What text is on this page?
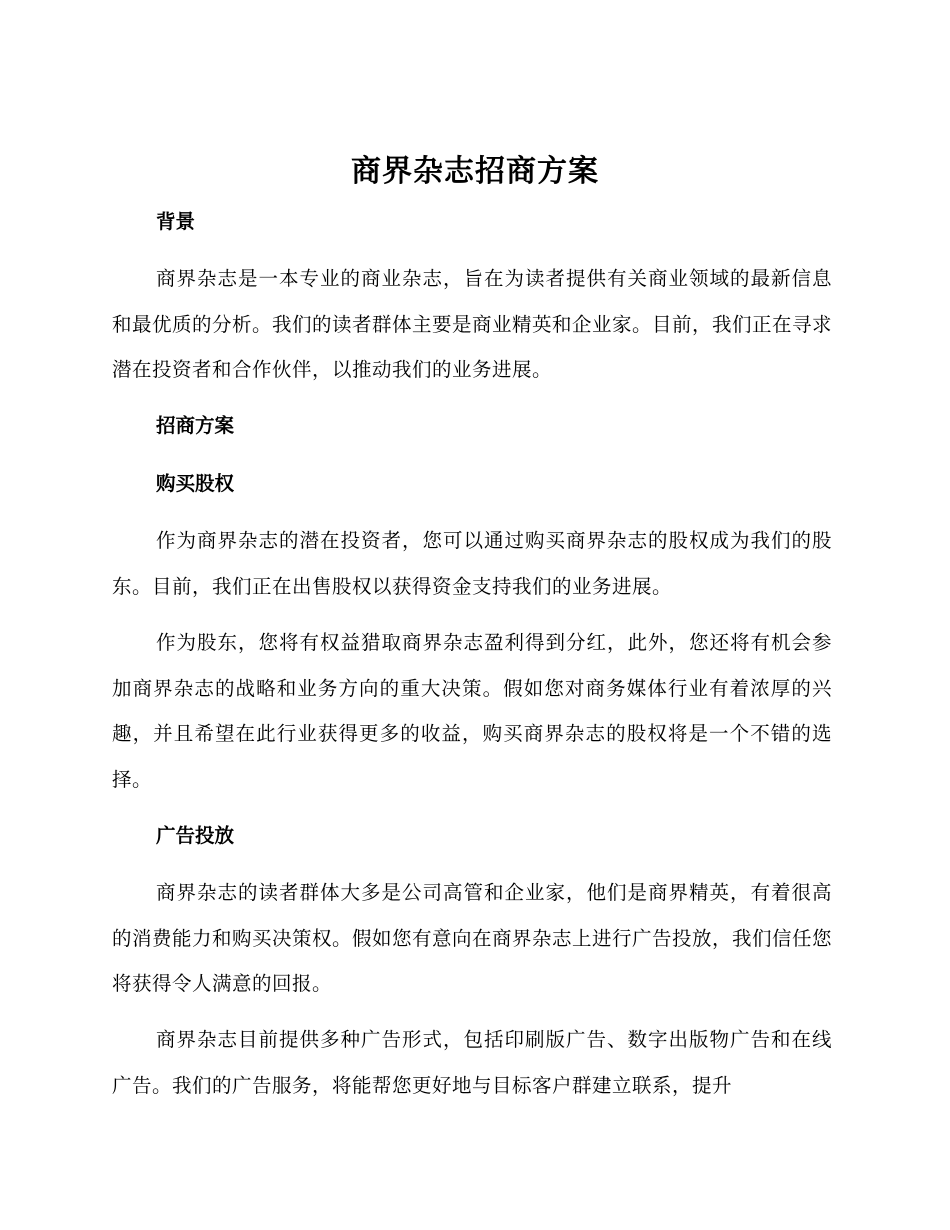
商界杂志招商方案
背景

商界杂志是一本专业的商业杂志，旨在为读者提供有关商业领域的最新信息和最优质的分析。我们的读者群体主要是商业精英和企业家。目前，我们正在寻求潜在投资者和合作伙伴，以推动我们的业务进展。

招商方案
购买股权

作为商界杂志的潜在投资者，您可以通过购买商界杂志的股权成为我们的股东。目前，我们正在出售股权以获得资金支持我们的业务进展。

作为股东，您将有权益猎取商界杂志盈利得到分红，此外，您还将有机会参加商界杂志的战略和业务方向的重大决策。假如您对商务媒体行业有着浓厚的兴趣，并且希望在此行业获得更多的收益，购买商界杂志的股权将是一个不错的选择。

广告投放

商界杂志的读者群体大多是公司高管和企业家，他们是商界精英，有着很高的消费能力和购买决策权。假如您有意向在商界杂志上进行广告投放，我们信任您将获得令人满意的回报。

商界杂志目前提供多种广告形式，包括印刷版广告、数字出版物广告和在线广告。我们的广告服务，将能帮您更好地与目标客户群建立联系，提升
